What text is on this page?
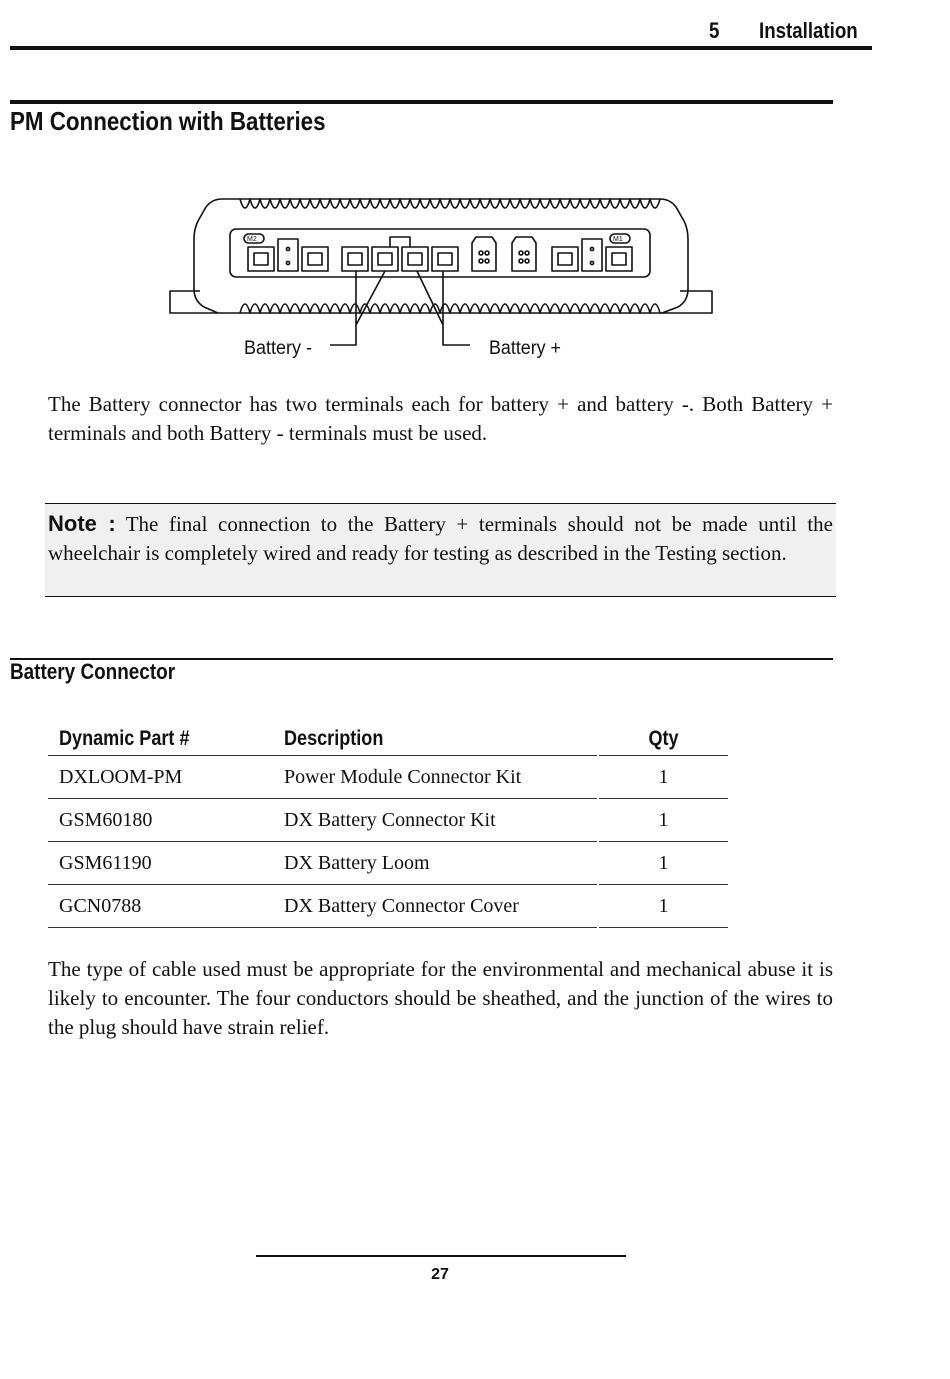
5 Installation
PM Connection with Batteries
M2	M1
Battery -	Battery +

The Battery connector has two terminals each for battery + and battery -. Both Battery + terminals and both Battery - terminals must be used.

Note : The final connection to the Battery + terminals should not be made until the wheelchair is completely wired and ready for testing as described in the Testing section.

Battery Connector
Dynamic Part #	Description	Qty
DXLOOM-PM	Power Module Connector Kit	1
GSM60180	DX Battery Connector Kit	1
GSM61190	DX Battery Loom	1
GCN0788	DX Battery Connector Cover	1

The type of cable used must be appropriate for the environmental and mechanical abuse it is likely to encounter. The four conductors should be sheathed, and the junction of the wires to the plug should have strain relief.

27
